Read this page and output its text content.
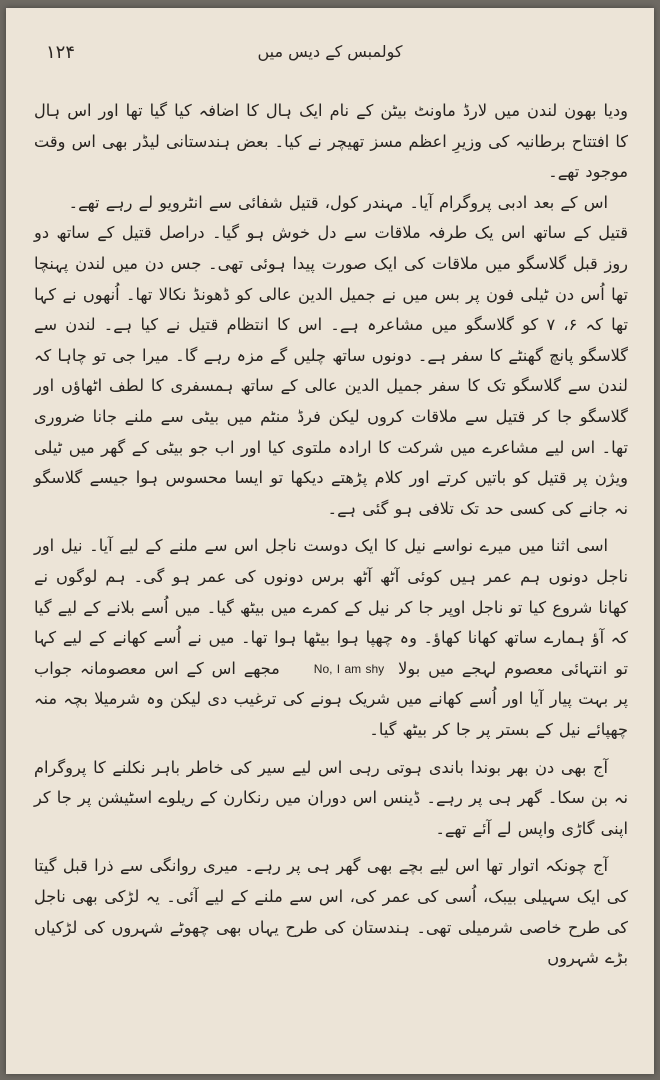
۱۲۴	کولمبس کے دیس میں

ودیا بھون لندن میں لارڈ ماونٹ بیٹن کے نام ایک ہال کا اضافہ کیا گیا تھا اور اس ہال کا افتتاح برطانیہ کی وزیرِ اعظم مسز تھیچر نے کیا۔ بعض ہندستانی لیڈر بھی اس وقت موجود تھے۔

اس کے بعد ادبی پروگرام آیا۔ مہندر کول، قتیل شفائی سے انٹرویو لے رہے تھے۔

قتیل کے ساتھ اس یک طرفہ ملاقات سے دل خوش ہو گیا۔ دراصل قتیل کے ساتھ دو روز قبل گلاسگو میں ملاقات کی ایک صورت پیدا ہوئی تھی۔ جس دن میں لندن پہنچا تھا اُس دن ٹیلی فون پر بس میں نے جمیل الدین عالی کو ڈھونڈ نکالا تھا۔ اُنھوں نے کہا تھا کہ ۶، ۷ کو گلاسگو میں مشاعرہ ہے۔ اس کا انتظام قتیل نے کیا ہے۔ لندن سے گلاسگو پانچ گھنٹے کا سفر ہے۔ دونوں ساتھ چلیں گے مزہ رہے گا۔ میرا جی تو چاہا کہ لندن سے گلاسگو تک کا سفر جمیل الدین عالی کے ساتھ ہمسفری کا لطف اٹھاؤں اور گلاسگو جا کر قتیل سے ملاقات کروں لیکن فرڈ منٹم میں بیٹی سے ملنے جانا ضروری تھا۔ اس لیے مشاعرے میں شرکت کا ارادہ ملتوی کیا اور اب جو بیٹی کے گھر میں ٹیلی ویژن پر قتیل کو باتیں کرتے اور کلام پڑھتے دیکھا تو ایسا محسوس ہوا جیسے گلاسگو نہ جانے کی کسی حد تک تلافی ہو گئی ہے۔

اسی اثنا میں میرے نواسے نیل کا ایک دوست ناجل اس سے ملنے کے لیے آیا۔ نیل اور ناجل دونوں ہم عمر ہیں کوئی آٹھ آٹھ برس دونوں کی عمر ہو گی۔ ہم لوگوں نے کھانا شروع کیا تو ناجل اوپر جا کر نیل کے کمرے میں بیٹھ گیا۔ میں اُسے بلانے کے لیے گیا کہ آؤ ہمارے ساتھ کھانا کھاؤ۔ وہ چھپا ہوا بیٹھا ہوا تھا۔ میں نے اُسے کھانے کے لیے کہا تو انتہائی معصوم لہجے میں بولاNo, I am shyمجھے اس کے اس معصومانہ جواب پر بہت پیار آیا اور اُسے کھانے میں شریک ہونے کی ترغیب دی لیکن وہ شرمیلا بچہ منہ چھپائے نیل کے بستر پر جا کر بیٹھ گیا۔

آج بھی دن بھر بوندا باندی ہوتی رہی اس لیے سیر کی خاطر باہر نکلنے کا پروگرام نہ بن سکا۔ گھر ہی پر رہے۔ ڈینس اس دوران میں رنکارن کے ریلوے اسٹیشن پر جا کر اپنی گاڑی واپس لے آئے تھے۔

آج چونکہ اتوار تھا اس لیے بچے بھی گھر ہی پر رہے۔ میری روانگی سے ذرا قبل گیتا کی ایک سہیلی بیبک، اُسی کی عمر کی، اس سے ملنے کے لیے آئی۔ یہ لڑکی بھی ناجل کی طرح خاصی شرمیلی تھی۔ ہندستان کی طرح یہاں بھی چھوٹے شہروں کی لڑکیاں بڑے شہروں
